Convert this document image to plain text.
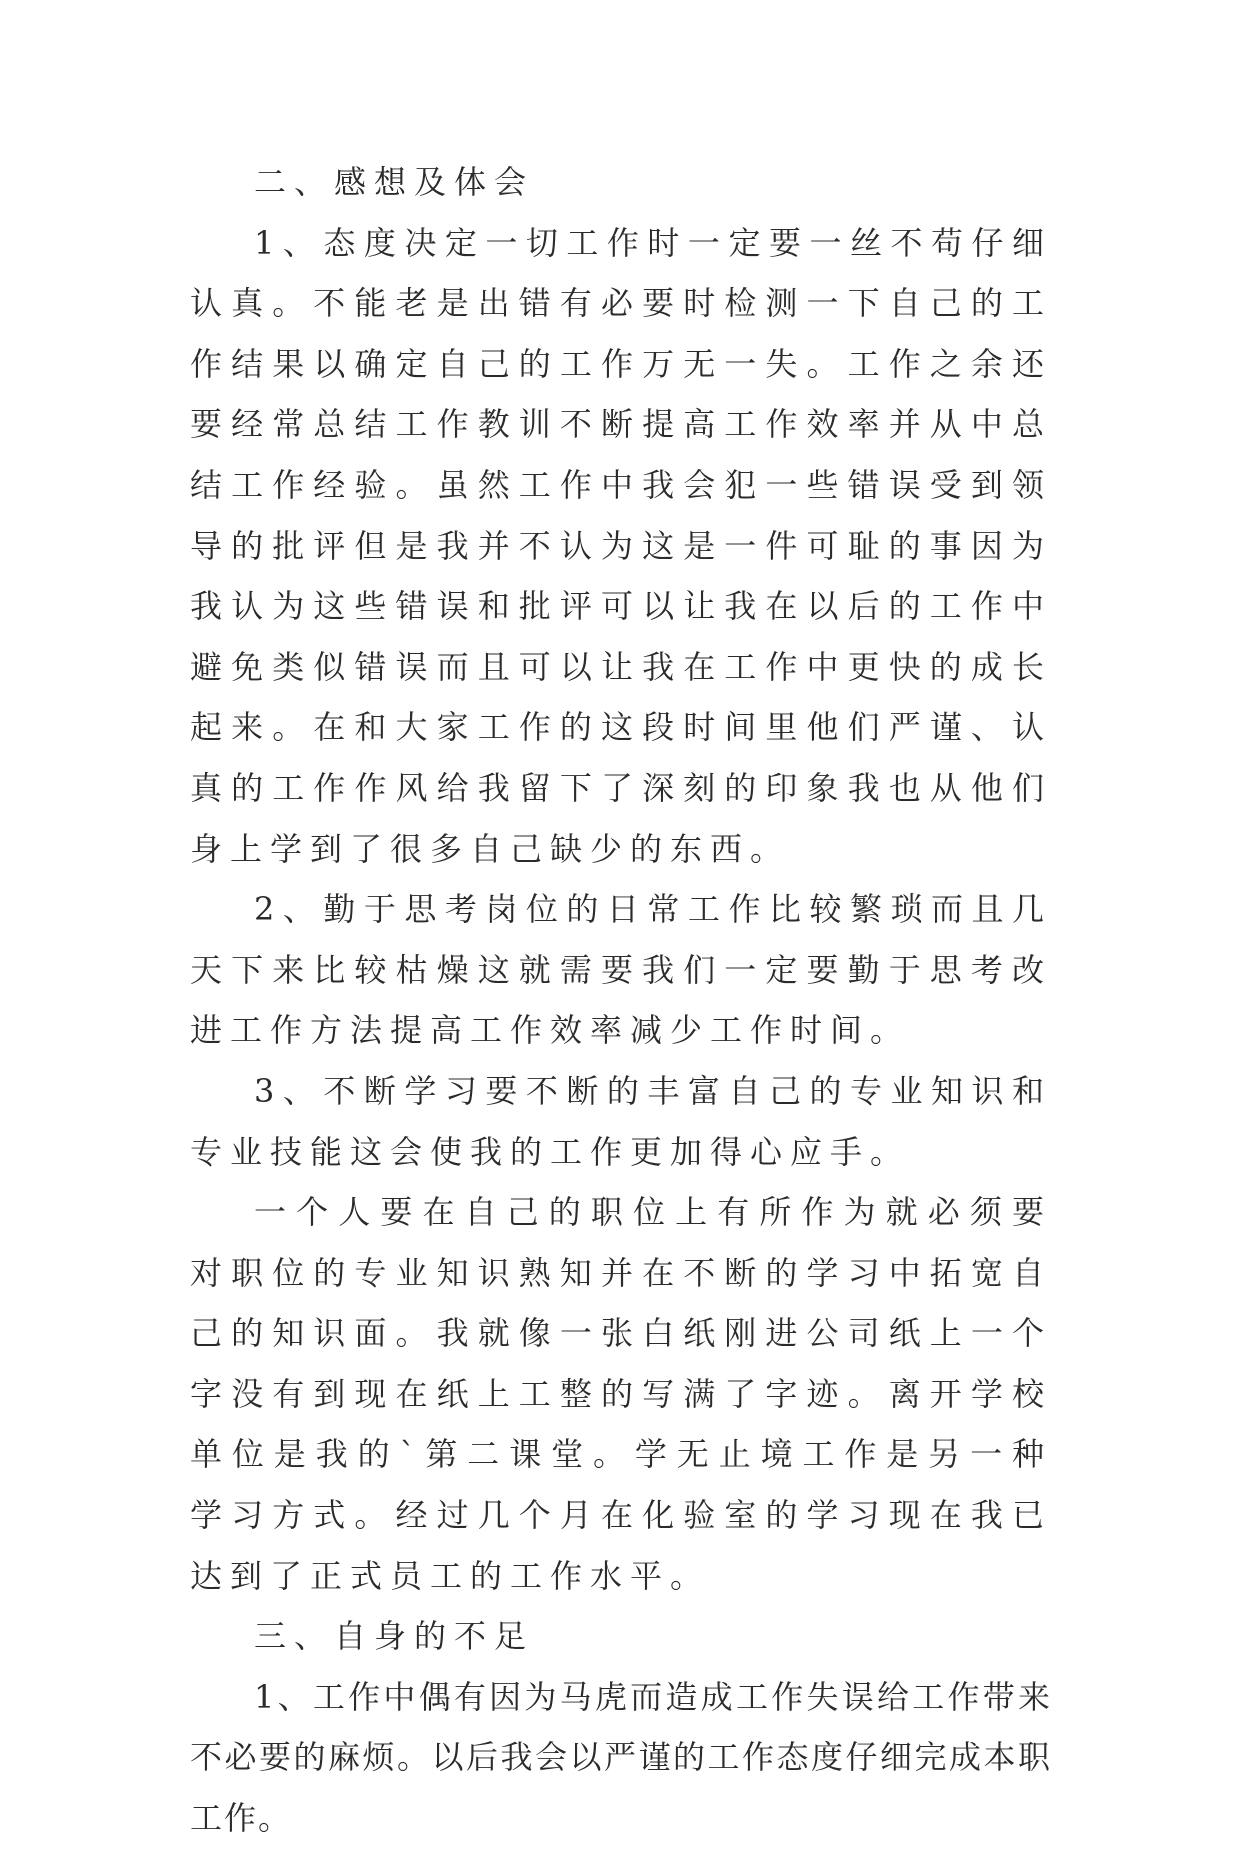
二、感想及体会

1、态度决定一切工作时一定要一丝不苟仔细认真。不能老是出错有必要时检测一下自己的工作结果以确定自己的工作万无一失。工作之余还要经常总结工作教训不断提高工作效率并从中总结工作经验。虽然工作中我会犯一些错误受到领导的批评但是我并不认为这是一件可耻的事因为我认为这些错误和批评可以让我在以后的工作中避免类似错误而且可以让我在工作中更快的成长起来。在和大家工作的这段时间里他们严谨、认真的工作作风给我留下了深刻的印象我也从他们身上学到了很多自己缺少的东西。

2、勤于思考岗位的日常工作比较繁琐而且几天下来比较枯燥这就需要我们一定要勤于思考改进工作方法提高工作效率减少工作时间。

3、不断学习要不断的丰富自己的专业知识和专业技能这会使我的工作更加得心应手。

一个人要在自己的职位上有所作为就必须要对职位的专业知识熟知并在不断的学习中拓宽自己的知识面。我就像一张白纸刚进公司纸上一个字没有到现在纸上工整的写满了字迹。离开学校单位是我的`第二课堂。学无止境工作是另一种学习方式。经过几个月在化验室的学习现在我已达到了正式员工的工作水平。

三、自身的不足

1、工作中偶有因为马虎而造成工作失误给工作带来不必要的麻烦。以后我会以严谨的工作态度仔细完成本职工作。
